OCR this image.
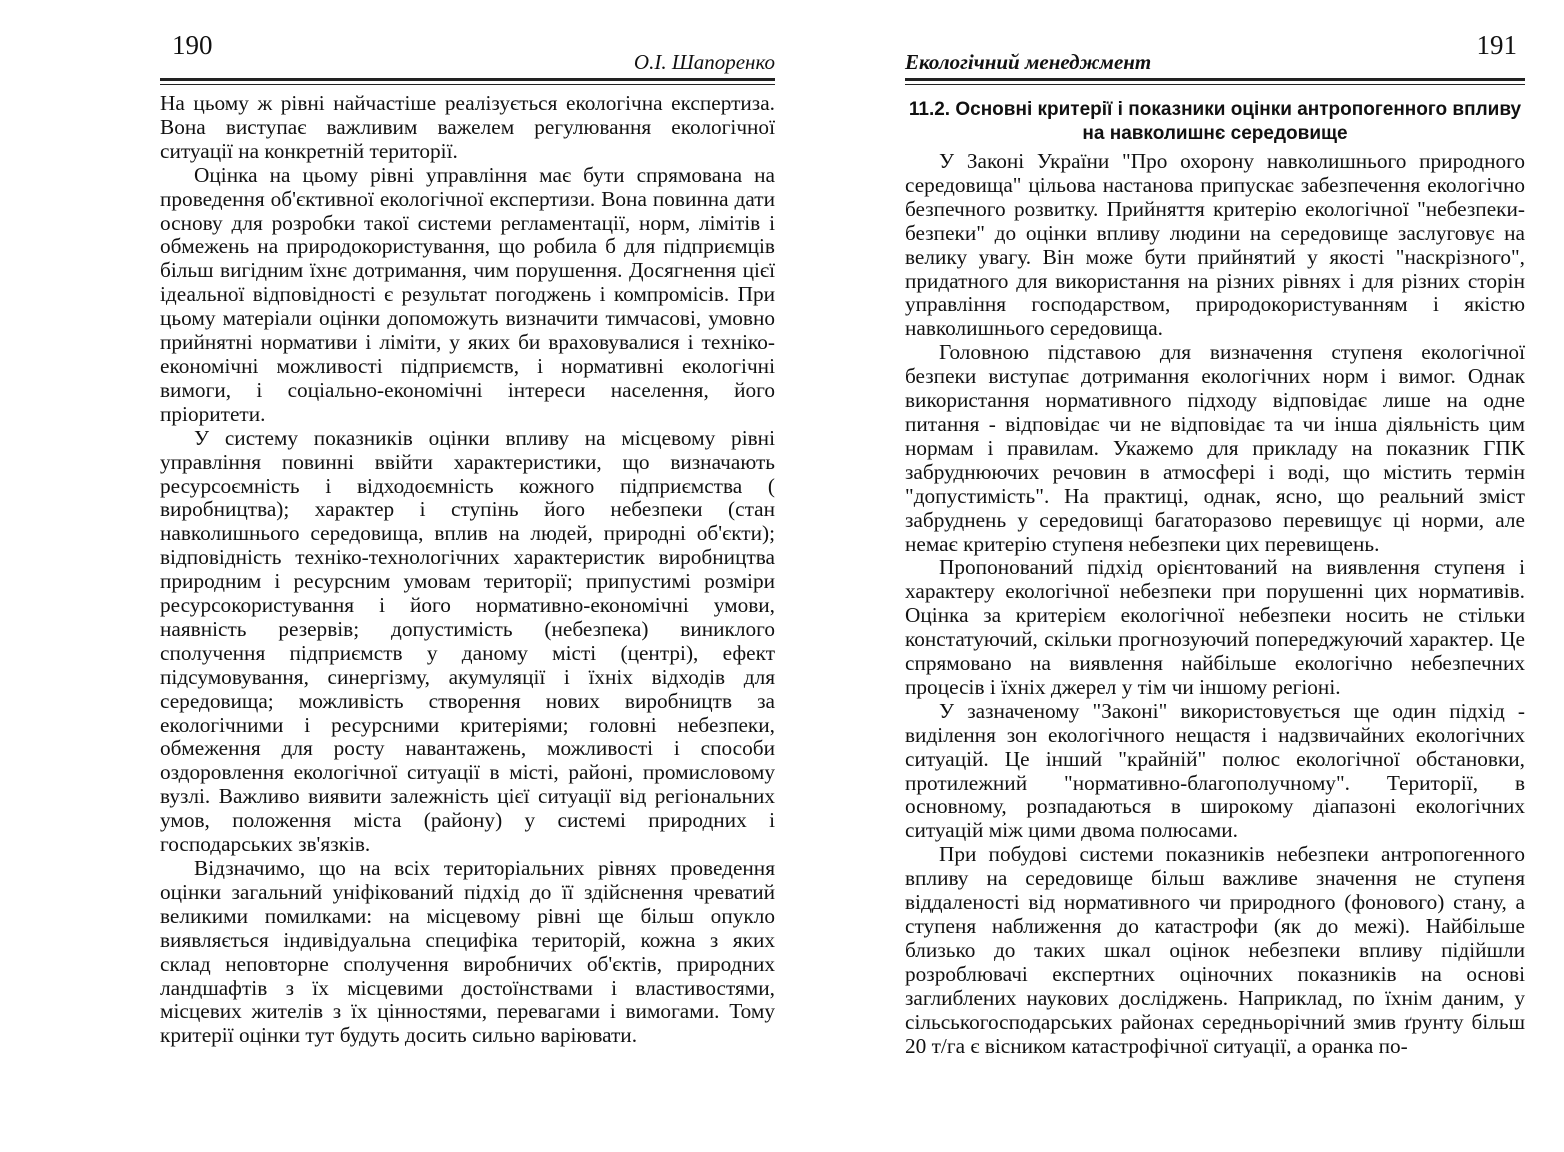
190
О.І. Шапоренко

На цьому ж рівні найчастіше реалізується екологічна експертиза. Вона виступає важливим важелем регулювання екологічної ситуації на конкретній території.

Оцінка на цьому рівні управління має бути спрямована на проведення об'єктивної екологічної експертизи. Вона повинна дати основу для розробки такої системи регламентації, норм, лімітів і обмежень на природокористування, що робила б для підприємців більш вигідним їхнє дотримання, чим порушення. Досягнення цієї ідеальної відповідності є результат погоджень і компромісів. При цьому матеріали оцінки допоможуть визначити тимчасові, умовно прийнятні нормативи і ліміти, у яких би враховувалися і техніко-економічні можливості підприємств, і нормативні екологічні вимоги, і соціально-економічні інтереси населення, його пріоритети.

У систему показників оцінки впливу на місцевому рівні управління повинні ввійти характеристики, що визначають ресурсоємність і відходоємність кожного підприємства ( виробництва); характер і ступінь його небезпеки (стан навколишнього середовища, вплив на людей, природні об'єкти); відповідність техніко-технологічних характеристик виробництва природним і ресурсним умовам території; припустимі розміри ресурсокористування і його нормативно-економічні умови, наявність резервів; допустимість (небезпека) виниклого сполучення підприємств у даному місті (центрі), ефект підсумовування, синергізму, акумуляції і їхніх відходів для середовища; можливість створення нових виробництв за екологічними і ресурсними критеріями; головні небезпеки, обмеження для росту навантажень, можливості і способи оздоровлення екологічної ситуації в місті, районі, промисловому вузлі. Важливо виявити залежність цієї ситуації від регіональних умов, положення міста (району) у системі природних і господарських зв'язків.

Відзначимо, що на всіх територіальних рівнях проведення оцінки загальний уніфікований підхід до її здійснення чреватий великими помилками: на місцевому рівні ще більш опукло виявляється індивідуальна специфіка територій, кожна з яких склад неповторне сполучення виробничих об'єктів, природних ландшафтів з їх місцевими достоїнствами і властивостями, місцевих жителів з їх цінностями, перевагами і вимогами. Тому критерії оцінки тут будуть досить сильно варіювати.

Екологічний менеджмент
191
11.2. Основні критерії і показники оцінки антропогенного впливу на навколишнє середовище

У Законі України "Про охорону навколишнього природного середовища" цільова настанова припускає забезпечення екологічно безпечного розвитку. Прийняття критерію екологічної "небезпеки-безпеки" до оцінки впливу людини на середовище заслуговує на велику увагу. Він може бути прийнятий у якості "наскрізного", придатного для використання на різних рівнях і для різних сторін управління господарством, природокористуванням і якістю навколишнього середовища.

Головною підставою для визначення ступеня екологічної безпеки виступає дотримання екологічних норм і вимог. Однак використання нормативного підходу відповідає лише на одне питання - відповідає чи не відповідає та чи інша діяльність цим нормам і правилам. Укажемо для прикладу на показник ГПК забруднюючих речовин в атмосфері і воді, що містить термін "допустимість". На практиці, однак, ясно, що реальний зміст забруднень у середовищі багаторазово перевищує ці норми, але немає критерію ступеня небезпеки цих перевищень.

Пропонований підхід орієнтований на виявлення ступеня і характеру екологічної небезпеки при порушенні цих нормативів. Оцінка за критерієм екологічної небезпеки носить не стільки констатуючий, скільки прогнозуючий попереджуючий характер. Це спрямовано на виявлення найбільше екологічно небезпечних процесів і їхніх джерел у тім чи іншому регіоні.

У зазначеному "Законі" використовується ще один підхід - виділення зон екологічного нещастя і надзвичайних екологічних ситуацій. Це інший "крайній" полюс екологічної обстановки, протилежний "нормативно-благополучному". Території, в основному, розпадаються в широкому діапазоні екологічних ситуацій між цими двома полюсами.

При побудові системи показників небезпеки антропогенного впливу на середовище більш важливе значення не ступеня віддаленості від нормативного чи природного (фонового) стану, а ступеня наближення до катастрофи (як до межі). Найбільше близько до таких шкал оцінок небезпеки впливу підійшли розроблювачі експертних оціночних показників на основі заглиблених наукових досліджень. Наприклад, по їхнім даним, у сільськогосподарських районах середньорічний змив ґрунту більш 20 т/га є вісником катастрофічної ситуації, а оранка по-
